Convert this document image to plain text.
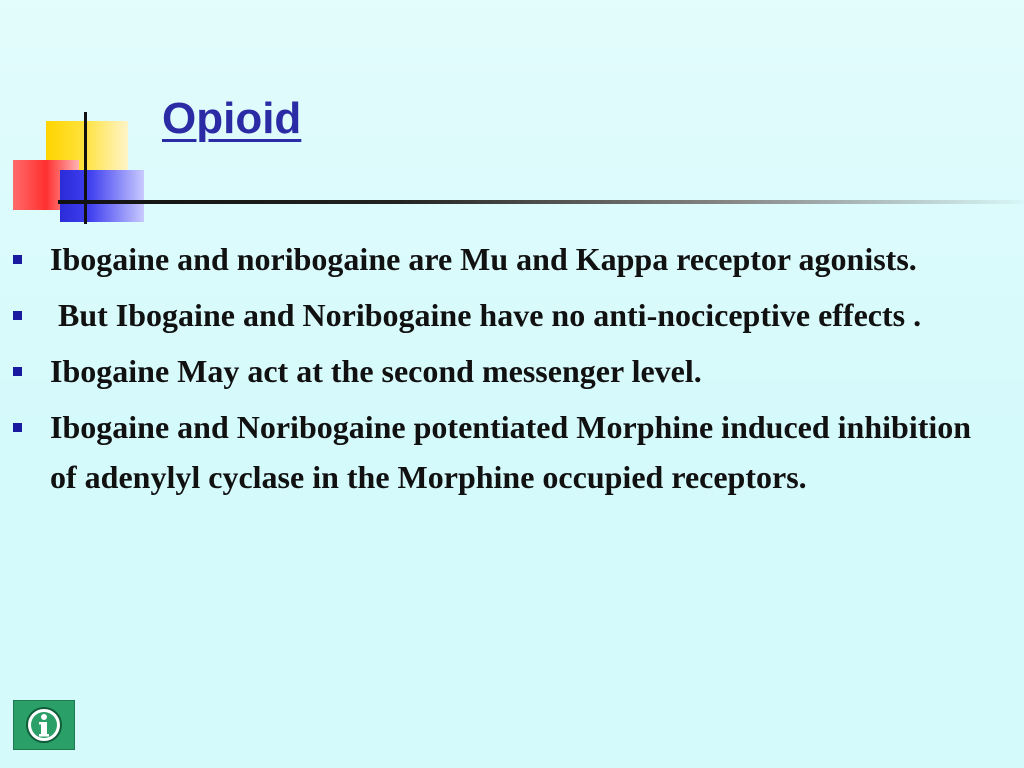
Opioid
Ibogaine and noribogaine are Mu and Kappa receptor agonists.
But Ibogaine and Noribogaine have no anti-nociceptive effects .
Ibogaine May act at the second messenger level.
Ibogaine and Noribogaine potentiated Morphine induced inhibition of adenylyl cyclase in the Morphine occupied receptors.
